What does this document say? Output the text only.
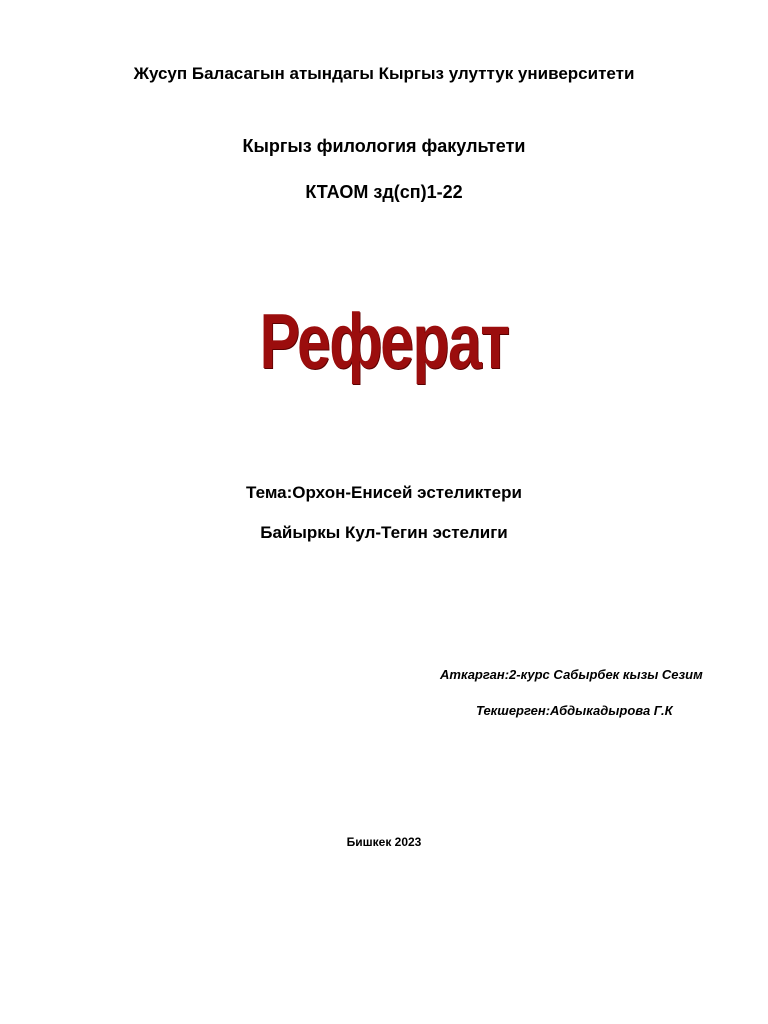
Жусуп Баласагын атындагы Кыргыз улуттук университети
Кыргыз филология факультети
КТАОМ зд(сп)1-22
Реферат
Тема:Орхон-Енисей эстеликтери
Байыркы Кул-Тегин эстелиги
Аткарган:2-курс Сабырбек кызы Сезим
Текшерген:Абдыкадырова Г.К
Бишкек 2023
